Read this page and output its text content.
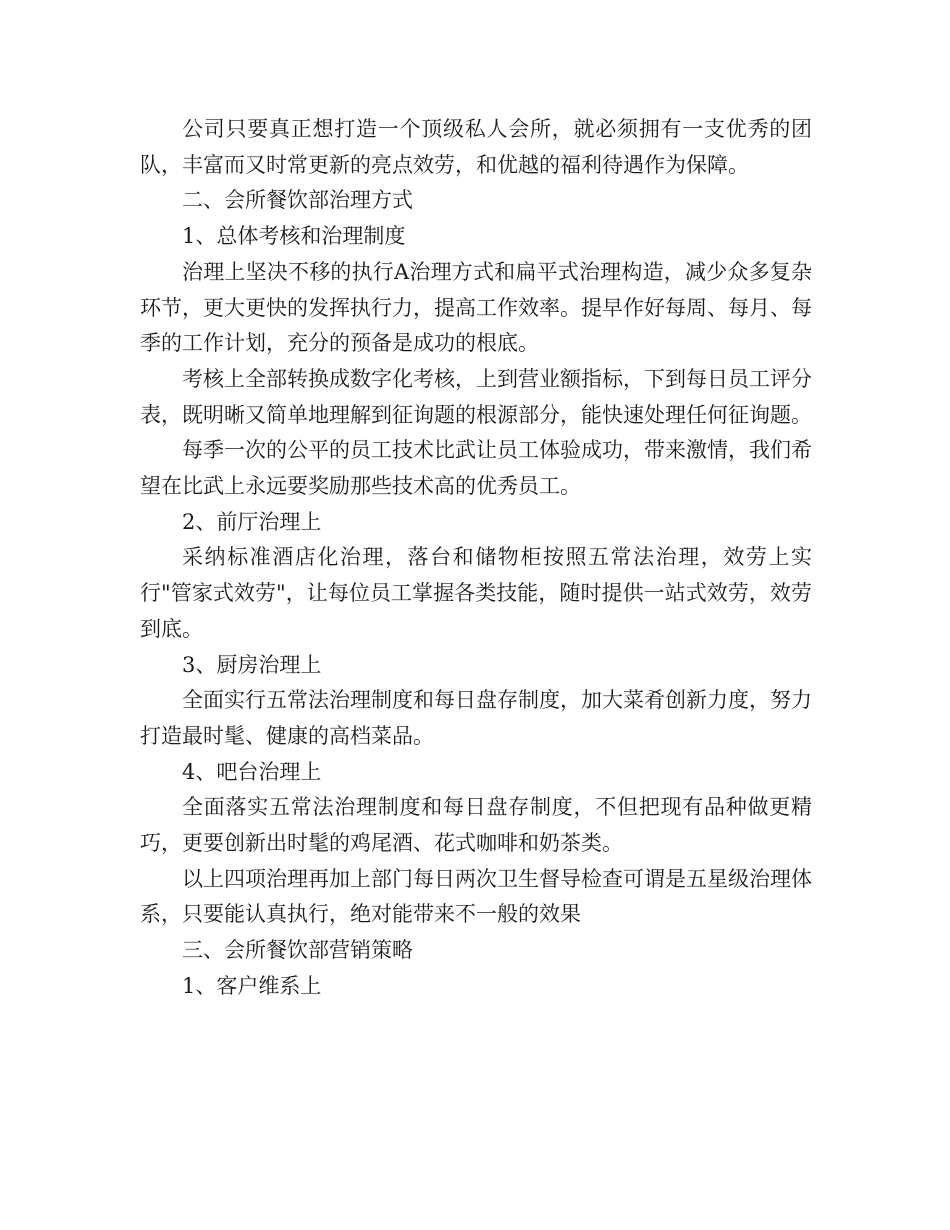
公司只要真正想打造一个顶级私人会所，就必须拥有一支优秀的团队，丰富而又时常更新的亮点效劳，和优越的福利待遇作为保障。

二、会所餐饮部治理方式

1、总体考核和治理制度

治理上坚决不移的执行A治理方式和扁平式治理构造，减少众多复杂环节，更大更快的发挥执行力，提高工作效率。提早作好每周、每月、每季的工作计划，充分的预备是成功的根底。

考核上全部转换成数字化考核，上到营业额指标，下到每日员工评分表，既明晰又简单地理解到征询题的根源部分，能快速处理任何征询题。

每季一次的公平的员工技术比武让员工体验成功，带来激情，我们希望在比武上永远要奖励那些技术高的优秀员工。

2、前厅治理上

采纳标准酒店化治理，落台和储物柜按照五常法治理，效劳上实行"管家式效劳"，让每位员工掌握各类技能，随时提供一站式效劳，效劳到底。

3、厨房治理上

全面实行五常法治理制度和每日盘存制度，加大菜肴创新力度，努力打造最时髦、健康的高档菜品。

4、吧台治理上

全面落实五常法治理制度和每日盘存制度，不但把现有品种做更精巧，更要创新出时髦的鸡尾酒、花式咖啡和奶茶类。

以上四项治理再加上部门每日两次卫生督导检查可谓是五星级治理体系，只要能认真执行，绝对能带来不一般的效果

三、会所餐饮部营销策略

1、客户维系上
